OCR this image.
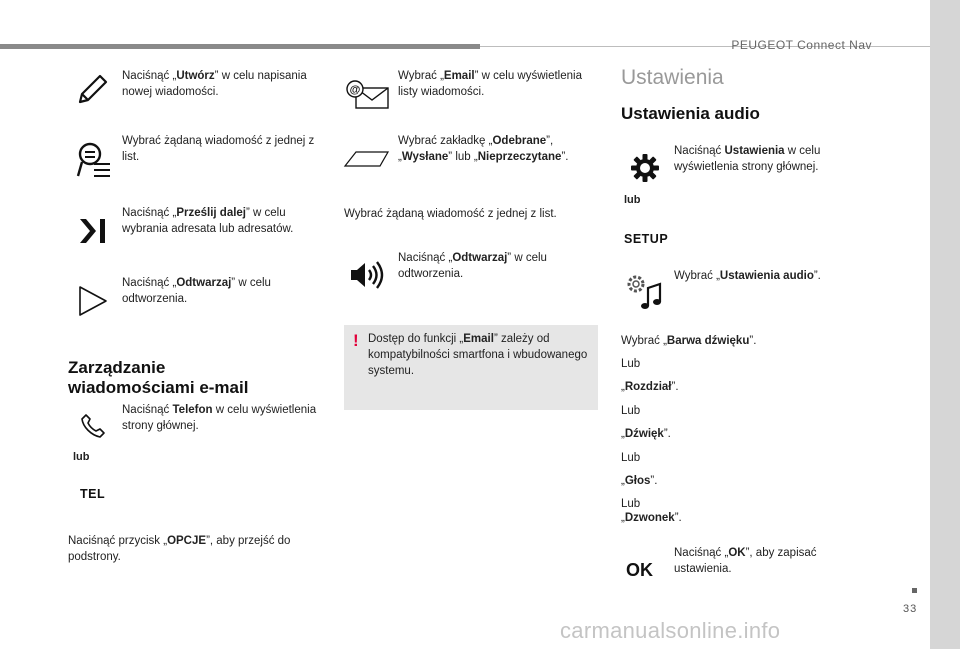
PEUGEOT Connect Nav
33
carmanualsonline.info
Naciśnąć „Utwórz” w celu napisania nowej wiadomości.
Wybrać żądaną wiadomość z jednej z list.
Naciśnąć „Prześlij dalej” w celu wybrania adresata lub adresatów.
Naciśnąć „Odtwarzaj” w celu odtworzenia.
Zarządzanie
wiadomościami e-mail
Naciśnąć Telefon w celu wyświetlenia strony głównej.
lub
TEL
Naciśnąć przycisk „OPCJE”, aby przejść do podstrony.
@
Wybrać „Email” w celu wyświetlenia listy wiadomości.
Wybrać zakładkę „Odebrane”, „Wysłane” lub „Nieprzeczytane”.
Wybrać żądaną wiadomość z jednej z list.
Naciśnąć „Odtwarzaj” w celu odtworzenia.
! Dostęp do funkcji „Email” zależy od kompatybilności smartfona i wbudowanego systemu.
Ustawienia
Ustawienia audio
Naciśnąć Ustawienia w celu wyświetlenia strony głównej.
lub
SETUP
Wybrać „Ustawienia audio”.
Wybrać „Barwa dźwięku”.
Lub
„Rozdział”.
Lub
„Dźwięk”.
Lub
„Głos”.
Lub
„Dzwonek”.
OK
Naciśnąć „OK”, aby zapisać ustawienia.
